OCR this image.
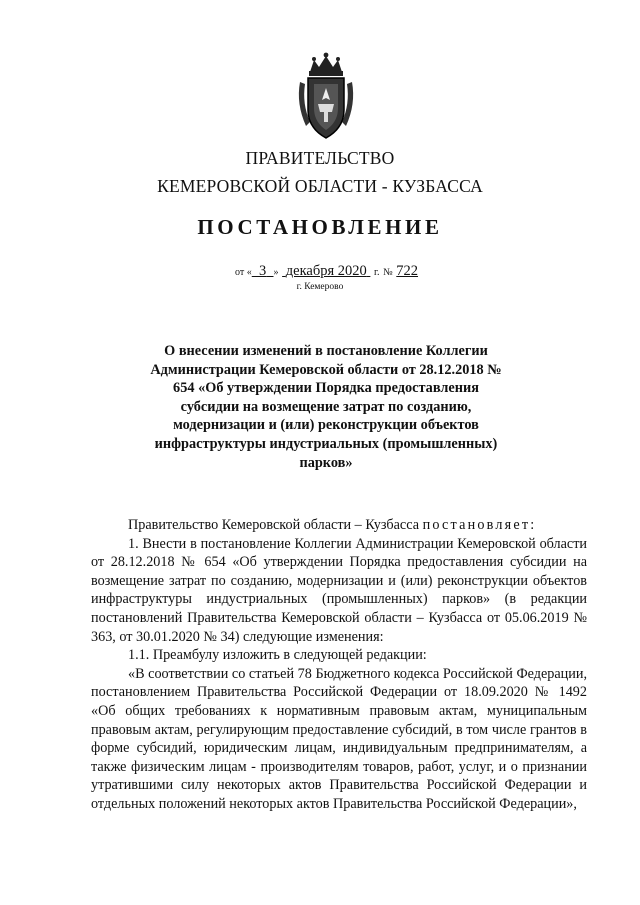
ПРАВИТЕЛЬСТВО
КЕМЕРОВСКОЙ ОБЛАСТИ - КУЗБАССА
ПОСТАНОВЛЕНИЕ
от « 3 » декабря 2020 г. № 722
г. Кемерово
О внесении изменений в постановление Коллегии Администрации Кемеровской области от 28.12.2018 № 654 «Об утверждении Порядка предоставления субсидии на возмещение затрат по созданию, модернизации и (или) реконструкции объектов инфраструктуры индустриальных (промышленных) парков»

Правительство Кемеровской области – Кузбасса постановляет:

1. Внести в постановление Коллегии Администрации Кемеровской области от 28.12.2018 № 654 «Об утверждении Порядка предоставления субсидии на возмещение затрат по созданию, модернизации и (или) реконструкции объектов инфраструктуры индустриальных (промышленных) парков» (в редакции постановлений Правительства Кемеровской области – Кузбасса от 05.06.2019 № 363, от 30.01.2020 № 34) следующие изменения:

1.1. Преамбулу изложить в следующей редакции:

«В соответствии со статьей 78 Бюджетного кодекса Российской Федерации, постановлением Правительства Российской Федерации от 18.09.2020 № 1492 «Об общих требованиях к нормативным правовым актам, муниципальным правовым актам, регулирующим предоставление субсидий, в том числе грантов в форме субсидий, юридическим лицам, индивидуальным предпринимателям, а также физическим лицам - производителям товаров, работ, услуг, и о признании утратившими силу некоторых актов Правительства Российской Федерации и отдельных положений некоторых актов Правительства Российской Федерации»,
